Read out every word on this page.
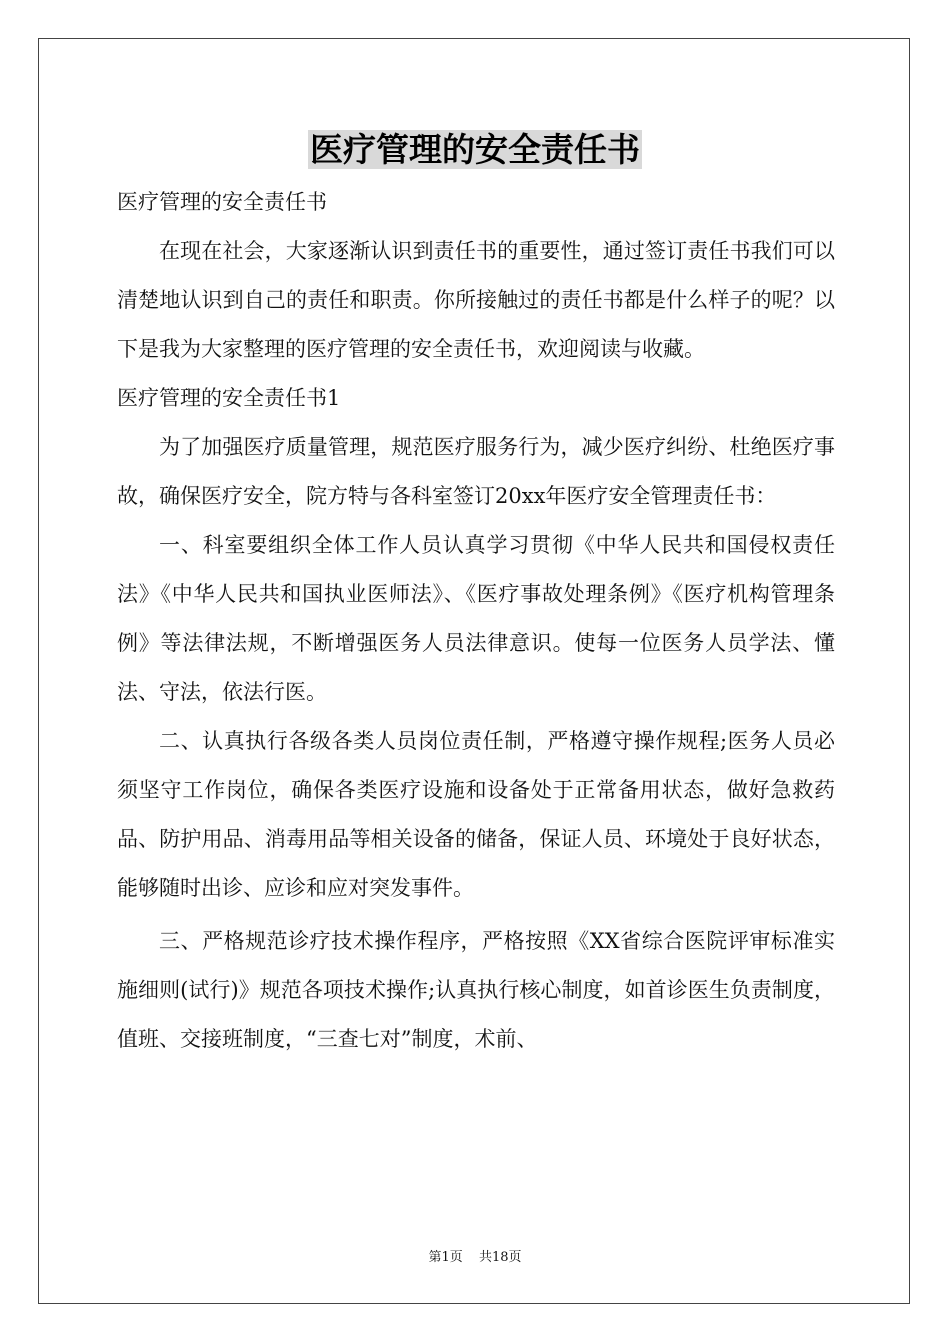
医疗管理的安全责任书

医疗管理的安全责任书

在现在社会，大家逐渐认识到责任书的重要性，通过签订责任书我们可以清楚地认识到自己的责任和职责。你所接触过的责任书都是什么样子的呢？以下是我为大家整理的医疗管理的安全责任书，欢迎阅读与收藏。

医疗管理的安全责任书1

为了加强医疗质量管理，规范医疗服务行为，减少医疗纠纷、杜绝医疗事故，确保医疗安全，院方特与各科室签订20xx年医疗安全管理责任书：

一、科室要组织全体工作人员认真学习贯彻《中华人民共和国侵权责任法》《中华人民共和国执业医师法》、《医疗事故处理条例》《医疗机构管理条例》等法律法规，不断增强医务人员法律意识。使每一位医务人员学法、懂法、守法，依法行医。

二、认真执行各级各类人员岗位责任制，严格遵守操作规程;医务人员必须坚守工作岗位，确保各类医疗设施和设备处于正常备用状态，做好急救药品、防护用品、消毒用品等相关设备的储备，保证人员、环境处于良好状态，能够随时出诊、应诊和应对突发事件。

三、严格规范诊疗技术操作程序，严格按照《XX省综合医院评审标准实施细则(试行)》规范各项技术操作;认真执行核心制度，如首诊医生负责制度，值班、交接班制度，“三查七对”制度，术前、

第1页 共18页
